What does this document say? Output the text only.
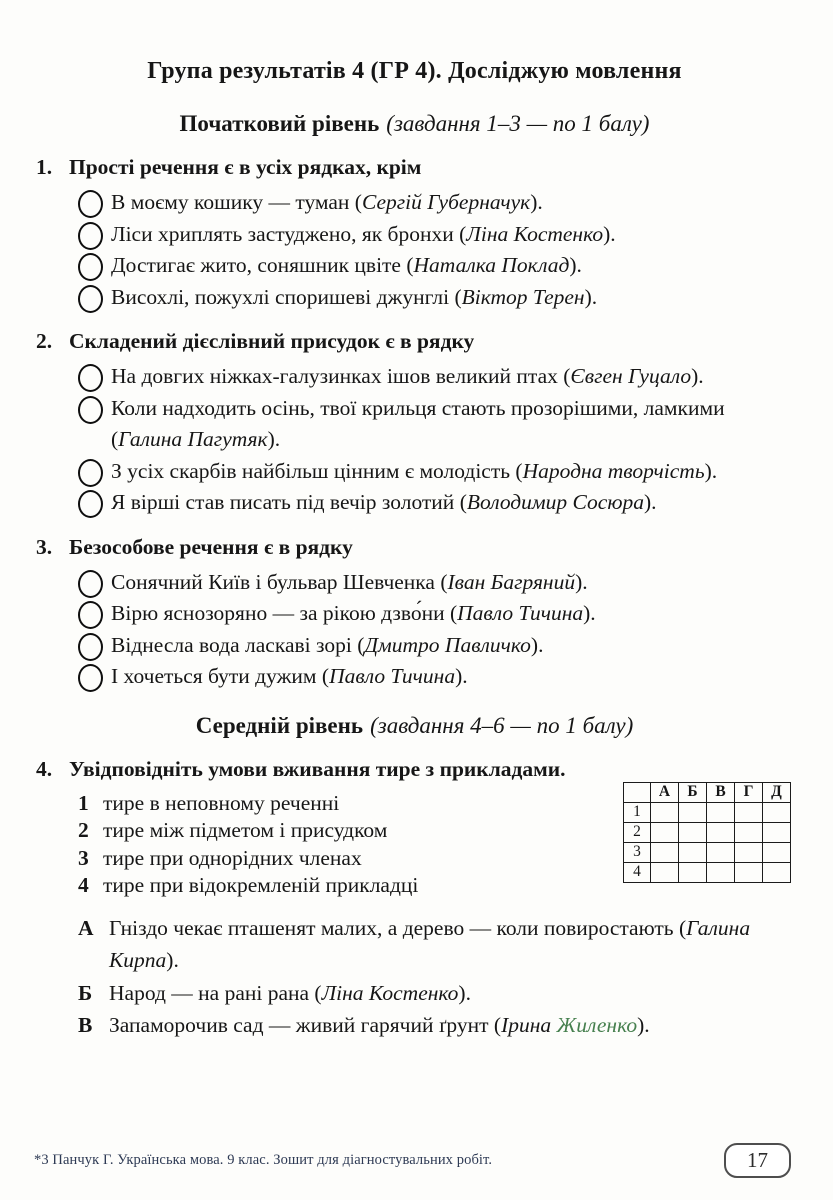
Група результатів 4 (ГР 4). Досліджую мовлення
Початковий рівень (завдання 1–3 — по 1 балу)
1. Прості речення є в усіх рядках, крім
В моєму кошику — туман (Сергій Губерначук).
Ліси хриплять застуджено, як бронхи (Ліна Костенко).
Достигає жито, соняшник цвіте (Наталка Поклад).
Висохлі, пожухлі споришеві джунглі (Віктор Терен).
2. Складений дієслівний присудок є в рядку
На довгих ніжках-галузинках ішов великий птах (Євген Гуцало).
Коли надходить осінь, твої крильця стають прозорішими, ламкими (Галина Пагутяк).
З усіх скарбів найбільш цінним є молодість (Народна творчість).
Я вірші став писать під вечір золотий (Володимир Сосюра).
3. Безособове речення є в рядку
Сонячний Київ і бульвар Шевченка (Іван Багряний).
Вірю яснозоряно — за рікою дзво́ни (Павло Тичина).
Віднесла вода ласкаві зорі (Дмитро Павличко).
І хочеться бути дужим (Павло Тичина).
Середній рівень (завдання 4–6 — по 1 балу)
4. Увідповідніть умови вживання тире з прикладами.
1 тире в неповному реченні
2 тире між підметом і присудком
3 тире при однорідних членах
4 тире при відокремленій прикладці
	А	Б	В	Г	Д
1					
2					
3					
4					
А Гніздо чекає пташенят малих, а дерево — коли повиростають (Галина Кирпа).
Б Народ — на рані рана (Ліна Костенко).
В Запаморочив сад — живий гарячий ґрунт (Ірина Жиленко).
*3 Панчук Г. Українська мова. 9 клас. Зошит для діагностувальних робіт.	17
